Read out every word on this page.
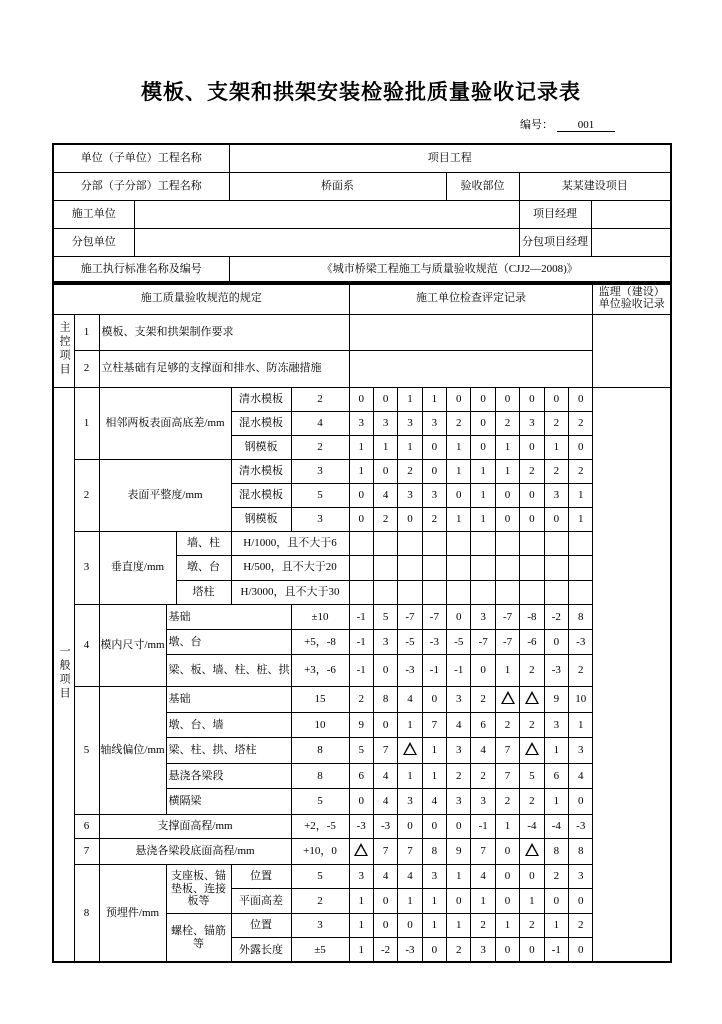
模板、支架和拱架安装检验批质量验收记录表
编号： 001
单位（子单位）工程名称		项目工程			
分部（子分部）工程名称		桥面系	验收部位	某某建设项目	
施工单位				项目经理	
分包单位				分包项目经理	
施工执行标准名称及编号		《城市桥梁工程施工与质量验收规范（CJJ2—2008)》			
施工质量验收规范的规定							施工单位检查评定记录										监理（建设）单位验收记录
主控项目	1	模板、支架和拱架制作要求															
	2	立柱基础有足够的支撑面和排水、防冻融措施															
一般项目	1	相邻两板表面高底差/mm			清水模板	2	0	0	1	1	0	0	0	0	0	0	
					混水模板	4	3	3	3	3	2	0	2	3	2	2	
					钢模板	2	1	1	1	0	1	0	1	0	1	0	
	2	表面平整度/mm			清水模板	3	1	0	2	0	1	1	1	2	2	2	
					混水模板	5	0	4	3	3	0	1	0	0	3	1	
					钢模板	3	0	2	0	2	1	1	0	0	0	1	
	3	垂直度/mm		墙、柱	H/1000，且不大于6												
				墩、台	H/500，且不大于20												
				塔柱	H/3000，且不大于30												
	4	模内尺寸/mm	基础			±10	-1	5	-7	-7	0	3	-7	-8	-2	8	
			墩、台			+5，-8	-1	3	-5	-3	-5	-7	-7	-6	0	-3	
			梁、板、墙、柱、桩、拱			+3，-6	-1	0	-3	-1	-1	0	1	2	-3	2	
	5	轴线偏位/mm	基础			15	2	8	4	0	3	2			9	10	
			墩、台、墙			10	9	0	1	7	4	6	2	2	3	1	
			梁、柱、拱、塔柱			8	5	7		1	3	4	7		1	3	
			悬浇各梁段			8	6	4	1	1	2	2	7	5	6	4	
			横隔梁			5	0	4	3	4	3	3	2	2	1	0	
	6	支撑面高程/mm				+2，-5	-3	-3	0	0	0	-1	1	-4	-4	-3	
	7	悬浇各梁段底面高程/mm				+10，0		7	7	8	9	7	0		8	8	
	8	预埋件/mm	支座板、锚垫板、连接板等		位置	5	3	4	4	3	1	4	0	0	2	3	
					平面高差	2	1	0	1	1	0	1	0	1	0	0	
			螺栓、锚筋等		位置	3	1	0	0	1	1	2	1	2	1	2	
					外露长度	±5	1	-2	-3	0	2	3	0	0	-1	0	
